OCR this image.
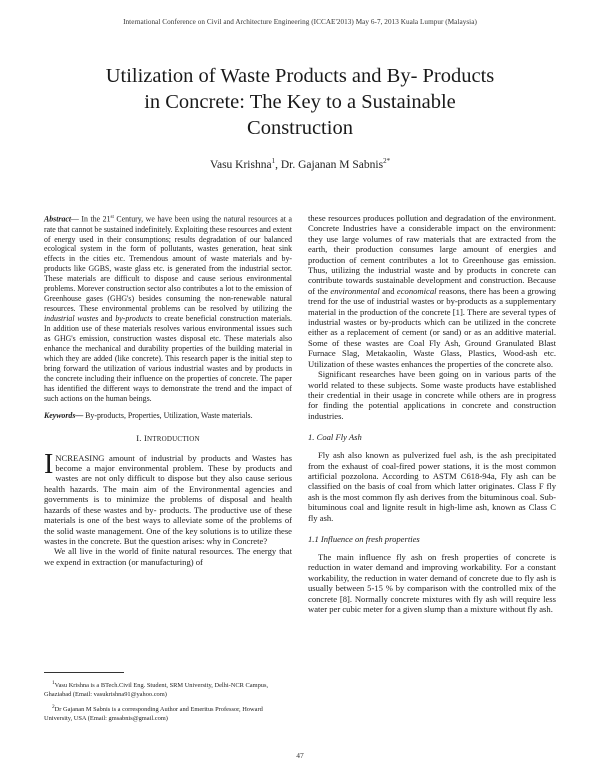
International Conference on Civil and Architecture Engineering (ICCAE'2013) May 6-7, 2013 Kuala Lumpur (Malaysia)
Utilization of Waste Products and By- Products
in Concrete: The Key to a Sustainable
Construction
Vasu Krishna$^1$, Dr. Gajanan M Sabnis$^{2*}$

Abstract— In the 21st Century, we have been using the natural resources at a rate that cannot be sustained indefinitely. Exploiting these resources and extent of energy used in their consumptions; results degradation of our balanced ecological system in the form of pollutants, wastes generation, heat sink effects in the cities etc. Tremendous amount of waste materials and by-products like GGBS, waste glass etc. is generated from the industrial sector. These materials are difficult to dispose and cause serious environmental problems. Morever construction sector also contributes a lot to the emission of Greenhouse gases (GHG's) besides consuming the non-renewable natural resources. These environmental problems can be resolved by utilizing the industrial wastes and by-products to create beneficial construction materials. In addition use of these materials resolves various environmental issues such as GHG's emission, construction wastes disposal etc. These materials also enhance the mechanical and durability properties of the building material in which they are added (like concrete). This research paper is the initial step to bring forward the utilization of various industrial wastes and by products in the concrete including their influence on the properties of concrete. The paper has identified the different ways to demonstrate the trend and the impact of such actions on the human beings.

Keywords— By-products, Properties, Utilization, Waste materials.

I. INTRODUCTION

INCREASING amount of industrial by products and Wastes has become a major environmental problem. These by products and wastes are not only difficult to dispose but they also cause serious health hazards. The main aim of the Environmental agencies and governments is to minimize the problems of disposal and health hazards of these wastes and by- products. The productive use of these materials is one of the best ways to alleviate some of the problems of the solid waste management. One of the key solutions is to utilize these wastes in the concrete. But the question arises: why in Concrete?

We all live in the world of finite natural resources. The energy that we expend in extraction (or manufacturing) of

$^1$Vasu Krishna is a BTech.Civil Eng. Student, SRM University, Delhi-NCR Campus, Ghaziabad (Email: vasukrishna91@yahoo.com)

$^2$Dr Gajanan M Sabnis is a corresponding Author and Emeritus Professor, Howard University, USA (Email: gmsabnis@gmail.com)

these resources produces pollution and degradation of the environment. Concrete Industries have a considerable impact on the environment: they use large volumes of raw materials that are extracted from the earth, their production consumes large amount of energies and production of cement contributes a lot to Greenhouse gas emission. Thus, utilizing the industrial waste and by products in concrete can contribute towards sustainable development and construction. Because of the environmental and economical reasons, there has been a growing trend for the use of industrial wastes or by-products as a supplementary material in the production of the concrete [1]. There are several types of industrial wastes or by-products which can be utilized in the concrete either as a replacement of cement (or sand) or as an additive material. Some of these wastes are Coal Fly Ash, Ground Granulated Blast Furnace Slag, Metakaolin, Waste Glass, Plastics, Wood-ash etc. Utilization of these wastes enhances the properties of the concrete also.

Significant researches have been going on in various parts of the world related to these subjects. Some waste products have established their credential in their usage in concrete while others are in progress for finding the potential applications in concrete and construction industries.

1. Coal Fly Ash

Fly ash also known as pulverized fuel ash, is the ash precipitated from the exhaust of coal-fired power stations, it is the most common artificial pozzolona. According to ASTM C618-94a, Fly ash can be classified on the basis of coal from which latter originates. Class F fly ash is the most common fly ash derives from the bituminous coal. Sub-bituminous coal and lignite result in high-lime ash, known as Class C fly ash.

1.1 Influence on fresh properties

The main influence fly ash on fresh properties of concrete is reduction in water demand and improving workability. For a constant workability, the reduction in water demand of concrete due to fly ash is usually between 5-15 % by comparison with the controlled mix of the concrete [8]. Normally concrete mixtures with fly ash will require less water per cubic meter for a given slump than a mixture without fly ash.

47
